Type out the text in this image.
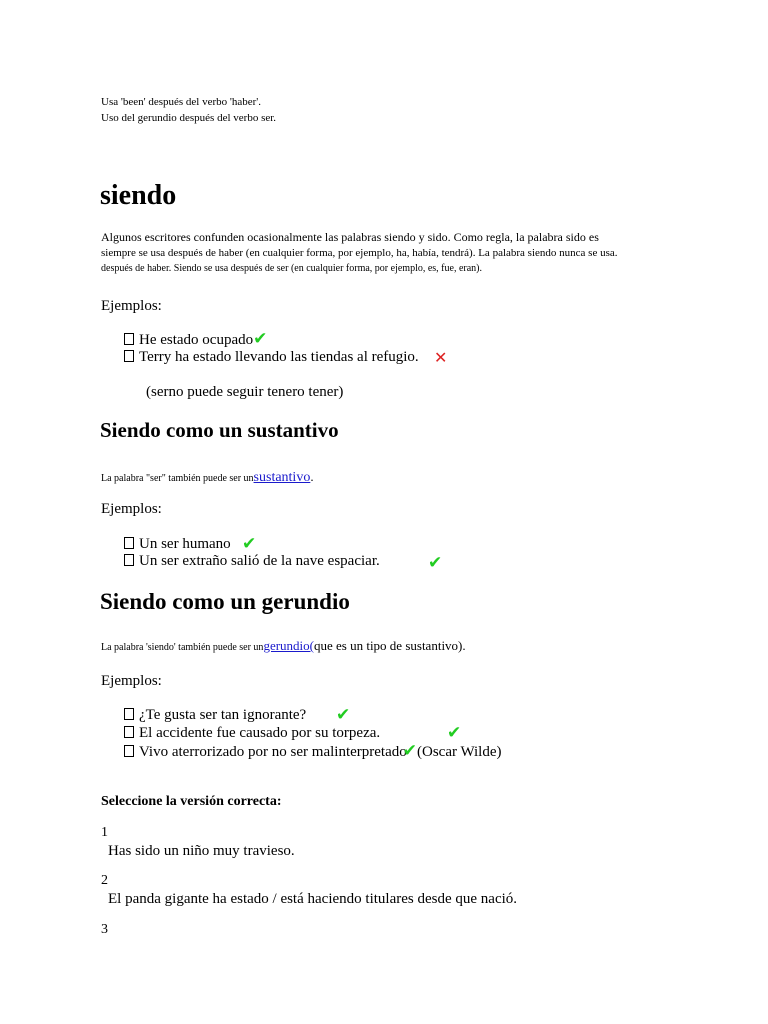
Usa 'been' después del verbo 'haber'.
Uso del gerundio después del verbo ser.
siendo
Algunos escritores confunden ocasionalmente las palabras siendo y sido. Como regla, la palabra sido es
siempre se usa después de haber (en cualquier forma, por ejemplo, ha, había, tendrá). La palabra siendo nunca se usa.
después de haber. Siendo se usa después de ser (en cualquier forma, por ejemplo, es, fue, eran).
Ejemplos:
He estado ocupado✔
Terry ha estado llevando las tiendas al refugio. ✕
(serno puede seguir tenero tener)
Siendo como un sustantivo
La palabra "ser" también puede ser unsustantivo.
Ejemplos:
Un ser humano ✔
Un ser extraño salió de la nave espaciar.	✔
Siendo como un gerundio
La palabra 'siendo' también puede ser ungerundio(que es un tipo de sustantivo).
Ejemplos:
¿Te gusta ser tan ignorante? ✔
El accidente fue causado por su torpeza.	✔
Vivo aterrorizado por no ser malinterpretado✔(Oscar Wilde)
Seleccione la versión correcta:
1
Has sido un niño muy travieso.
2
El panda gigante ha estado / está haciendo titulares desde que nació.
3
